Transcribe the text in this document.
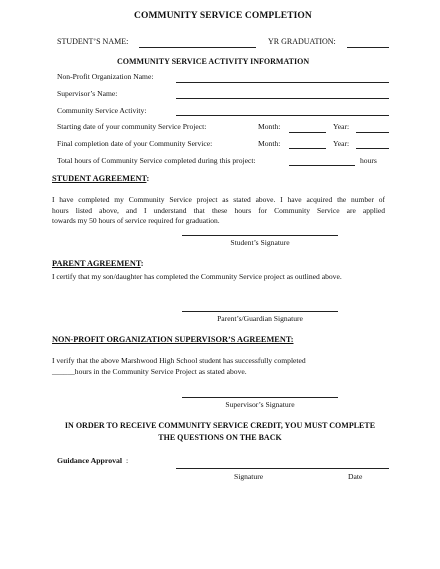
COMMUNITY SERVICE COMPLETION
STUDENT’S NAME:	YR GRADUATION:
COMMUNITY SERVICE ACTIVITY INFORMATION
Non-Profit Organization Name:
Supervisor’s Name:
Community Service Activity:
Starting date of your community Service Project:	Month:	Year:
Final completion date of your Community Service:	Month:	Year:
Total hours of Community Service completed during this project:	hours
STUDENT AGREEMENT:
I have completed my Community Service project as stated above. I have acquired the number of
hours listed above, and I understand that these hours for Community Service are applied
towards my 50 hours of service required for graduation.
Student’s Signature
PARENT AGREEMENT:
I certify that my son/daughter has completed the Community Service project as outlined above.
Parent’s/Guardian Signature
NON-PROFIT ORGANIZATION SUPERVISOR’S AGREEMENT:
I verify that the above Marshwood High School student has successfully completed
______hours in the Community Service Project as stated above.
Supervisor’s Signature
IN ORDER TO RECEIVE COMMUNITY SERVICE CREDIT, YOU MUST COMPLETE
THE QUESTIONS ON THE BACK
Guidance Approval :
Signature	Date
